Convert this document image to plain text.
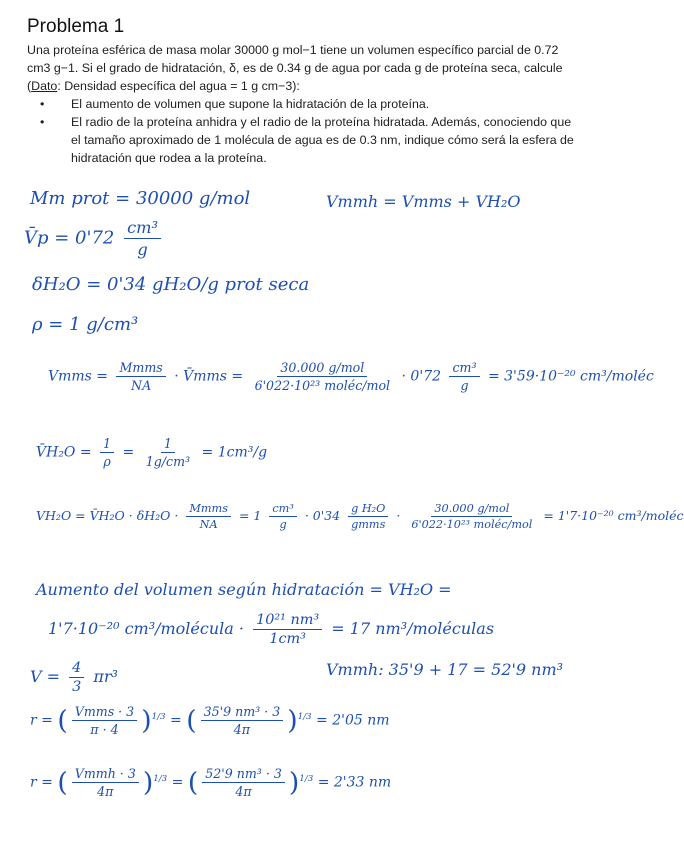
Problema 1

Una proteína esférica de masa molar 30000 g mol−1 tiene un volumen específico parcial de 0.72 cm3 g−1. Si el grado de hidratación, δ, es de 0.34 g de agua por cada g de proteína seca, calcule (Dato: Densidad específica del agua = 1 g cm−3):

• El aumento de volumen que supone la hidratación de la proteína.
• El radio de la proteína anhidra y el radio de la proteína hidratada. Además, conociendo que el tamaño aproximado de 1 molécula de agua es de 0.3 nm, indique cómo será la esfera de hidratación que rodea a la proteína.
Mm prot = 30000 g/mol	Vmmh = Vmms + VH₂O
V̄p = $0'72 \frac{\text{cm³}}{g}$
δH₂O = 0'34 gH₂O/g prot seca
ρ = 1 g/cm³
Vmms = $\frac{\text{Mmms}}{NA}$ · V̄mms = $\frac{\text{30.000 g/mol}}{\text{6'022·10²³ moléc/mol}} \cdot 0'72 \frac{\text{cm³}}{g} = 3'59\cdot 10^{-20}$ cm³/moléc
V̄H₂O = $\frac{1}{\rho} = \frac{1}{\text{1g/cm³}} = 1cm^3/g$
VH₂O = V̄H₂O · $\delta H_2O \cdot \frac{\text{Mmms}}{NA} = 1 \frac{\text{cm³}}{g} \cdot 0'34 \frac{\text{g H₂O}}{\text{gmms}} \cdot \frac{\text{30.000 g/mol}}{\text{6'022·10²³ moléc/mol}} = 1'7\cdot 10^{-20}$ cm³/moléc
Aumento del volumen según hidratación = VH₂O =
1'7·10⁻²⁰ cm³/molécula · $\frac{\text{10²¹ nm³}}{\text{1cm³}} = 17$ nm³/moléculas
$V = \frac{4}{3} \pi r^3$	Vmmh: 35'9 + 17 = 52'9 nm³
r = ( $\frac{\text{Vmms · 3}}{\pi \cdot 4} )^{1/3}$ = ( $\frac{\text{35'9 nm³ · 3}}{4\pi} )^{1/3} = 2'05$ nm
r = ( $\frac{\text{Vmmh · 3}}{4\pi} )^{1/3}$ = ( $\frac{\text{52'9 nm³ · 3}}{4\pi} )^{1/3} = 2'33$ nm
